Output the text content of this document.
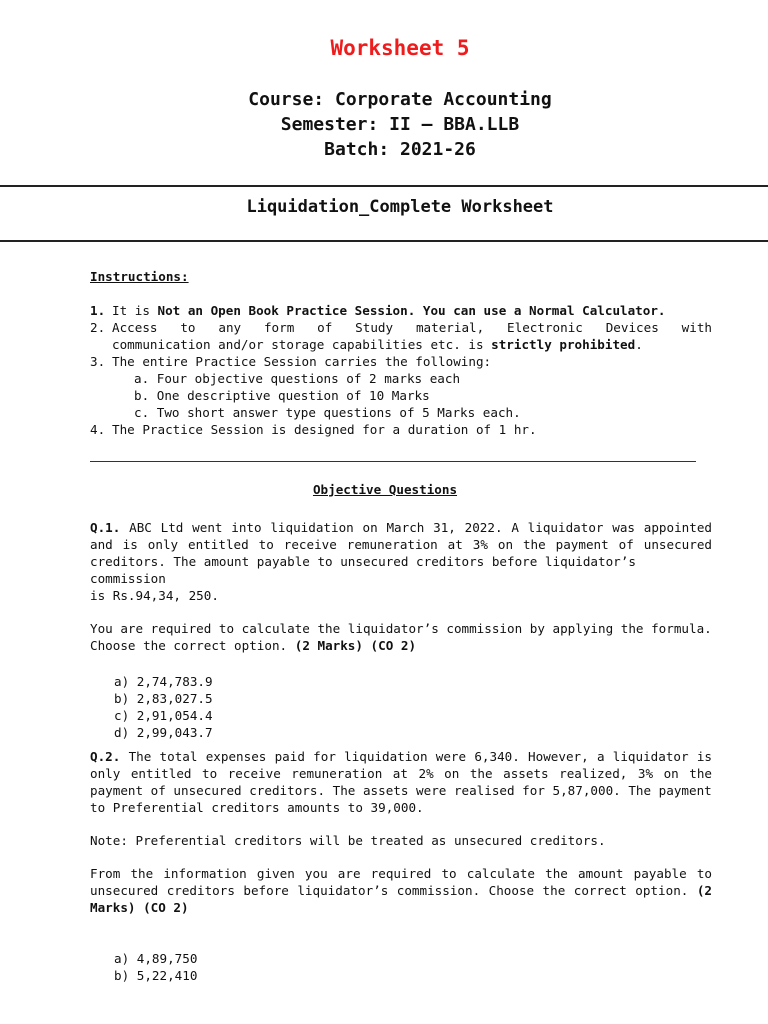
Worksheet 5
Course: Corporate Accounting
Semester: II – BBA.LLB
Batch: 2021-26
Liquidation_Complete Worksheet
Instructions:
1. It is Not an Open Book Practice Session. You can use a Normal Calculator.
2. Access to any form of Study material, Electronic Devices with
communication and/or storage capabilities etc. is strictly prohibited.
3. The entire Practice Session carries the following:
a. Four objective questions of 2 marks each
b. One descriptive question of 10 Marks
c. Two short answer type questions of 5 Marks each.
4. The Practice Session is designed for a duration of 1 hr.
Objective Questions
Q.1. ABC Ltd went into liquidation on March 31, 2022. A liquidator was appointed
and is only entitled to receive remuneration at 3% on the payment of unsecured
creditors. The amount payable to unsecured creditors before liquidator’s commission
is Rs.94,34, 250.
You are required to calculate the liquidator’s commission by applying the formula.
Choose the correct option. (2 Marks) (CO 2)
a) 2,74,783.9
b) 2,83,027.5
c) 2,91,054.4
d) 2,99,043.7
Q.2. The total expenses paid for liquidation were 6,340. However, a liquidator is
only entitled to receive remuneration at 2% on the assets realized, 3% on the
payment of unsecured creditors. The assets were realised for 5,87,000. The payment
to Preferential creditors amounts to 39,000.
Note: Preferential creditors will be treated as unsecured creditors.
From the information given you are required to calculate the amount payable to
unsecured creditors before liquidator’s commission. Choose the correct option. (2
Marks) (CO 2)
a) 4,89,750
b) 5,22,410
